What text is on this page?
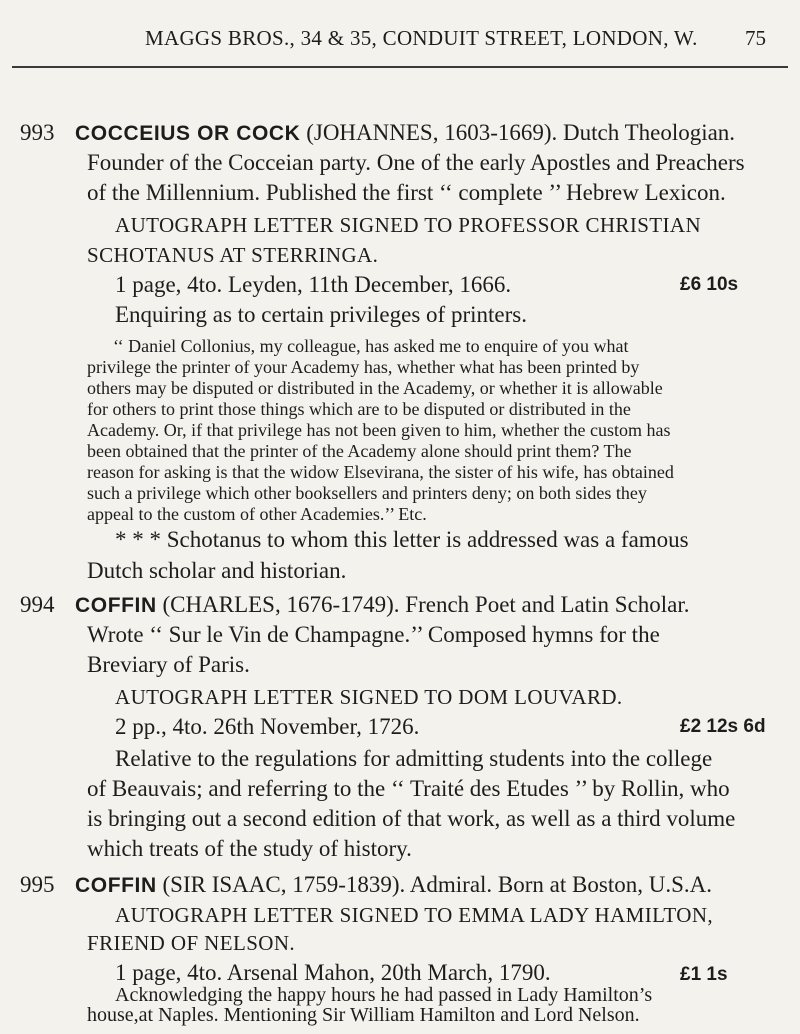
MAGGS BROS., 34 & 35, CONDUIT STREET, LONDON, W. 75
993 COCCEIUS OR COCK (JOHANNES, 1603-1669). Dutch Theologian.
Founder of the Cocceian party. One of the early Apostles and Preachers
of the Millennium. Published the first ‘‘ complete ’’ Hebrew Lexicon.
AUTOGRAPH LETTER SIGNED TO PROFESSOR CHRISTIAN
SCHOTANUS AT STERRINGA.
1 page, 4to. Leyden, 11th December, 1666.	£6 10s
Enquiring as to certain privileges of printers.
‘‘ Daniel Collonius, my colleague, has asked me to enquire of you what
privilege the printer of your Academy has, whether what has been printed by
others may be disputed or distributed in the Academy, or whether it is allowable
for others to print those things which are to be disputed or distributed in the
Academy. Or, if that privilege has not been given to him, whether the custom has
been obtained that the printer of the Academy alone should print them? The
reason for asking is that the widow Elsevirana, the sister of his wife, has obtained
such a privilege which other booksellers and printers deny; on both sides they
appeal to the custom of other Academies.’’ Etc.
* * * Schotanus to whom this letter is addressed was a famous
Dutch scholar and historian.
994 COFFIN (CHARLES, 1676-1749). French Poet and Latin Scholar.
Wrote ‘‘ Sur le Vin de Champagne.’’ Composed hymns for the
Breviary of Paris.
AUTOGRAPH LETTER SIGNED TO DOM LOUVARD.
2 pp., 4to. 26th November, 1726.	£2 12s 6d
Relative to the regulations for admitting students into the college
of Beauvais; and referring to the ‘‘ Traité des Etudes ’’ by Rollin, who
is bringing out a second edition of that work, as well as a third volume
which treats of the study of history.
995 COFFIN (SIR ISAAC, 1759-1839). Admiral. Born at Boston, U.S.A.
AUTOGRAPH LETTER SIGNED TO EMMA LADY HAMILTON,
FRIEND OF NELSON.
1 page, 4to. Arsenal Mahon, 20th March, 1790.	£1 1s
Acknowledging the happy hours he had passed in Lady Hamilton’s
house,at Naples. Mentioning Sir William Hamilton and Lord Nelson.
